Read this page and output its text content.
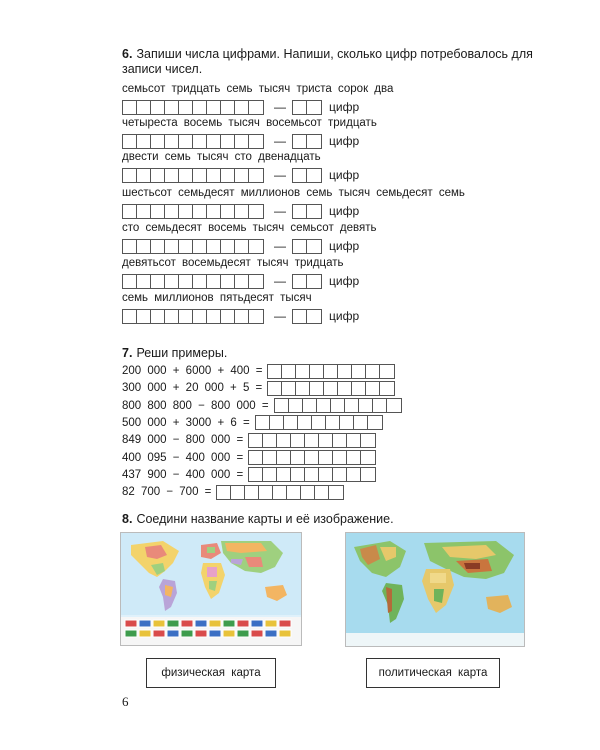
6. Запиши числа цифрами. Напиши, сколько цифр потребовалось для
записи чисел.
семьсот тридцать семь тысяч триста сорок два
—	цифр
четыреста восемь тысяч восемьсот тридцать
—	цифр
двести семь тысяч сто двенадцать
—	цифр
шестьсот семьдесят миллионов семь тысяч семьдесят семь
—	цифр
сто семьдесят восемь тысяч семьсот девять
—	цифр
девятьсот восемьдесят тысяч тридцать
—	цифр
семь миллионов пятьдесят тысяч
—	цифр
7. Реши примеры.
200 000 + 6000 + 400 =
300 000 + 20 000 + 5 =
800 800 800 − 800 000 =
500 000 + 3000 + 6 =
849 000 − 800 000 =
400 095 − 400 000 =
437 900 − 400 000 =
82 700 − 700 =
8. Соедини название карты и её изображение.
физическая карта	политическая карта
6
